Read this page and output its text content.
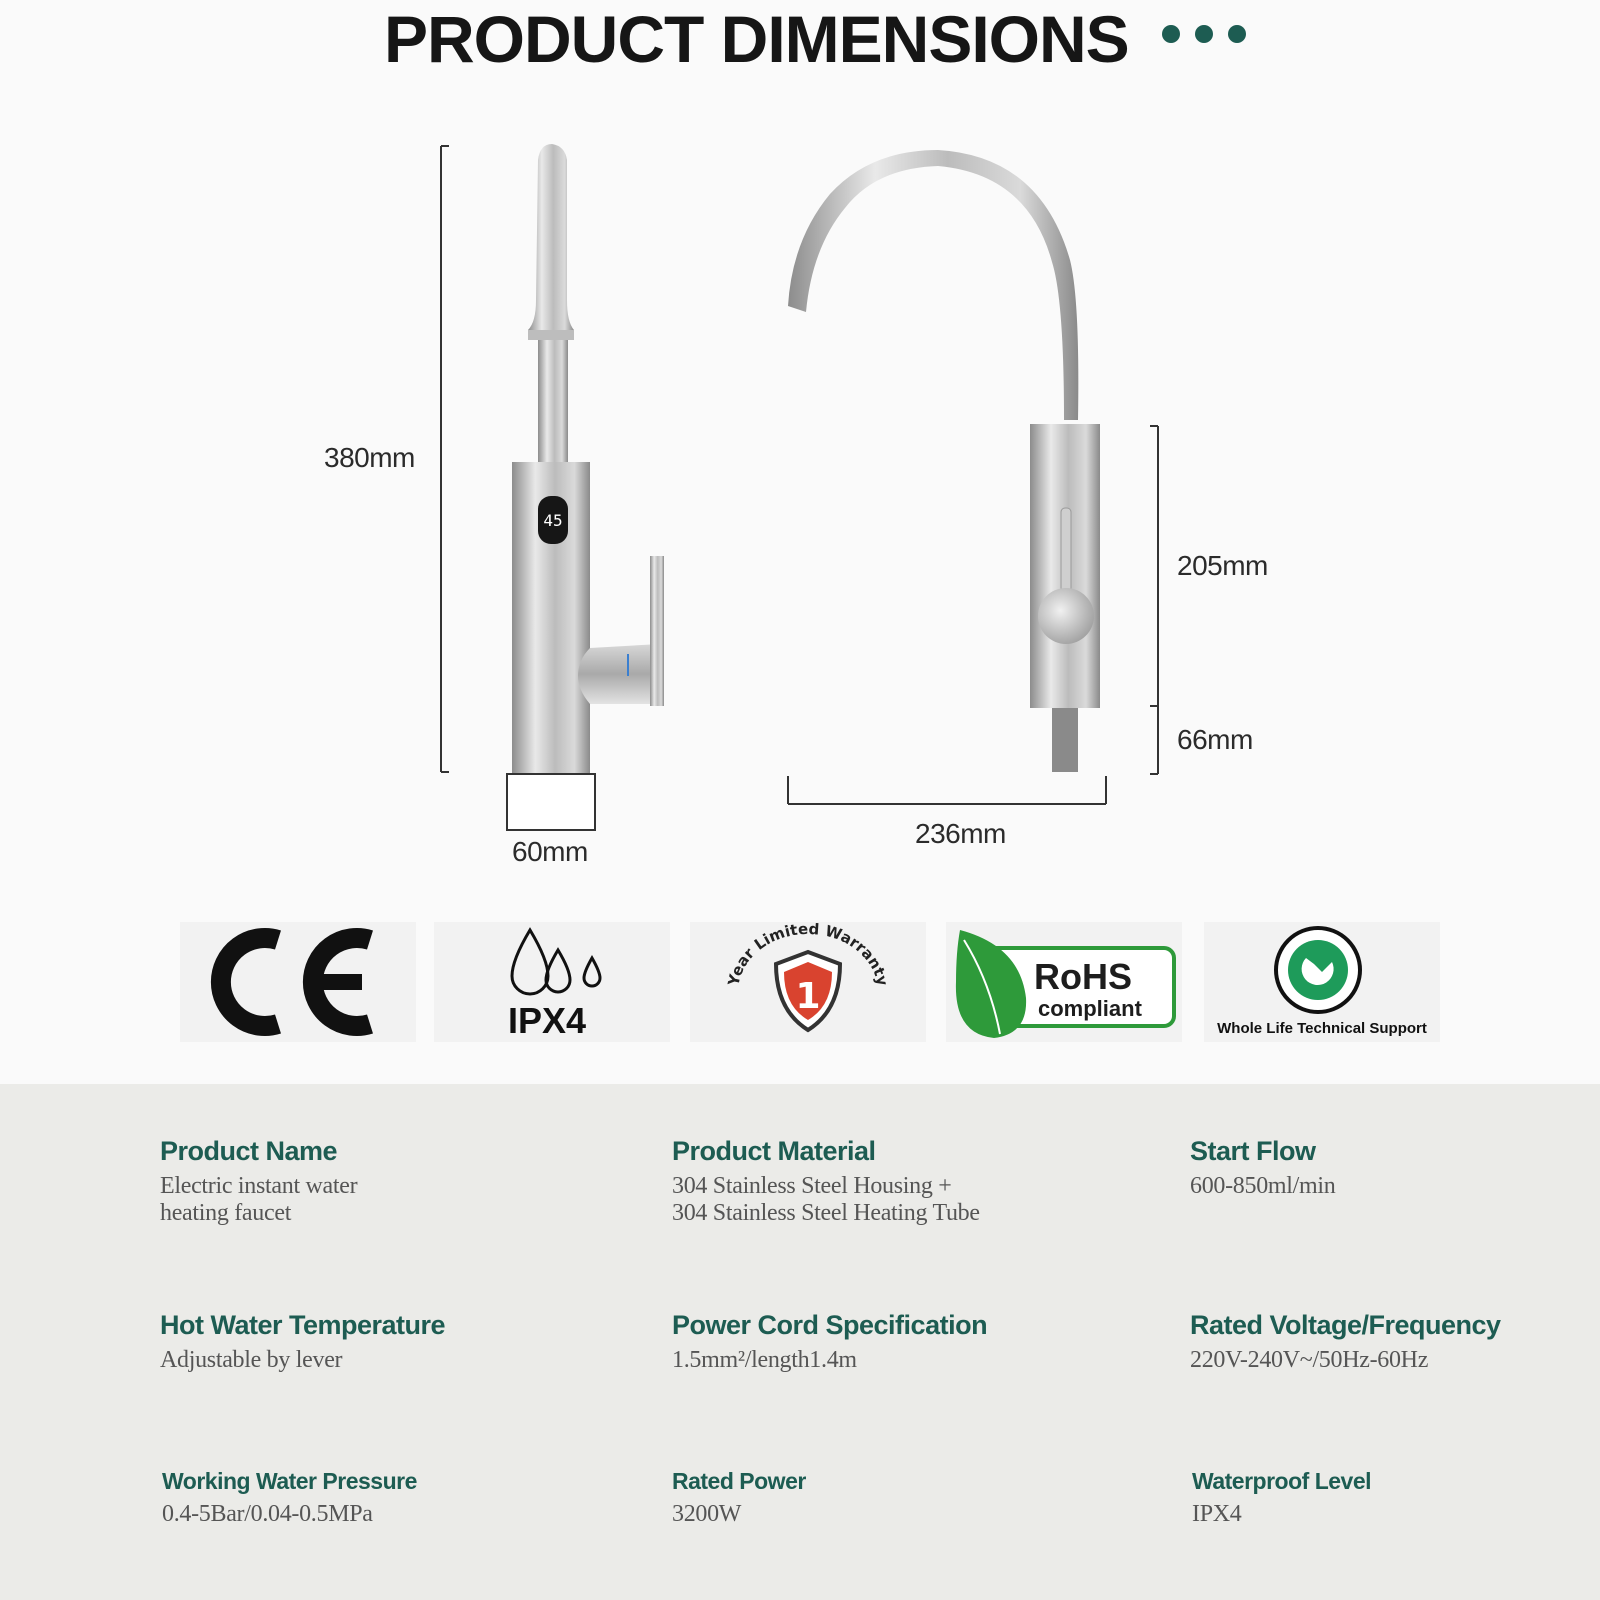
PRODUCT DIMENSIONS
45
380mm
60mm
205mm
66mm
236mm
IPX4
Year Limited Warranty
1	RoHS
compliant
Whole Life Technical Support
Product Name
Electric instant water
heating faucet
Product Material
304 Stainless Steel Housing +
304 Stainless Steel Heating Tube
Start Flow
600-850ml/min
Hot Water Temperature
Adjustable by lever
Power Cord Specification
1.5mm²/length1.4m
Rated Voltage/Frequency
220V-240V~/50Hz-60Hz
Working Water Pressure
0.4-5Bar/0.04-0.5MPa
Rated Power
3200W
Waterproof Level
IPX4
